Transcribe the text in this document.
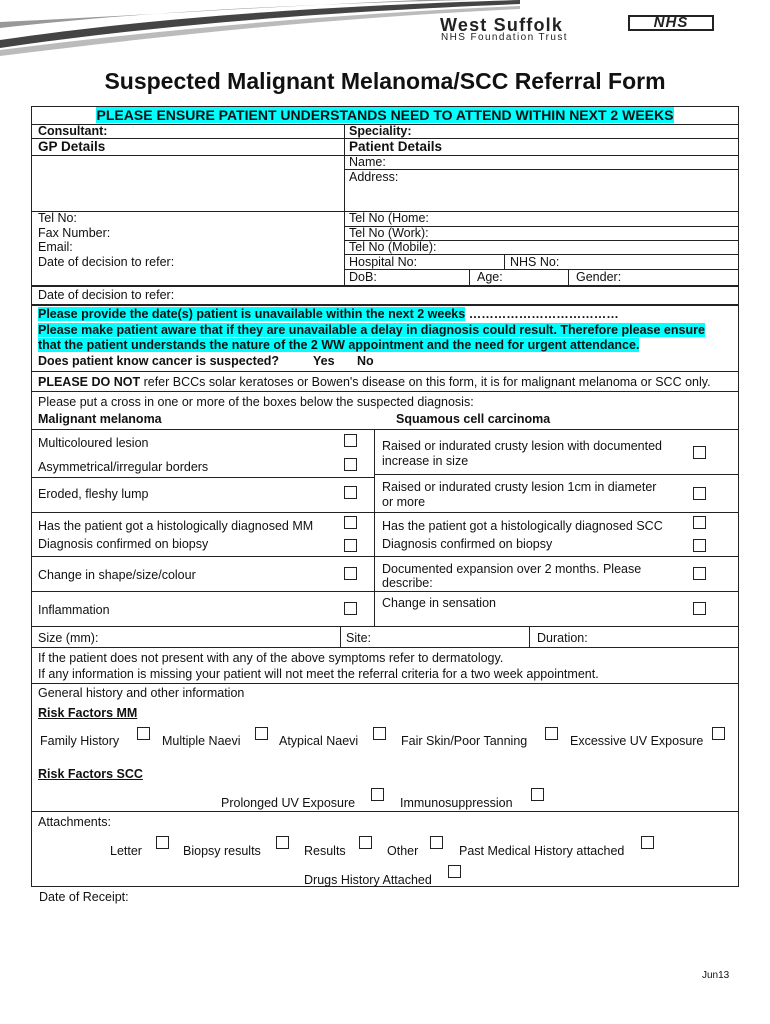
West Suffolk
NHS Foundation Trust
NHS
Suspected Malignant Melanoma/SCC Referral Form
PLEASE ENSURE PATIENT UNDERSTANDS NEED TO ATTEND WITHIN NEXT 2 WEEKS
Consultant:	Speciality:
GP Details	Patient Details
Name:
Address:
Tel No:
Fax Number:
Email:
Date of decision to refer:
Tel No (Home:
Tel No (Work):
Tel No (Mobile):
Hospital No:	NHS No:
DoB:	Age:	Gender:
Date of decision to refer:
Please provide the date(s) patient is unavailable within the next 2 weeks ………………………………
Please make patient aware that if they are unavailable a delay in diagnosis could result. Therefore please ensure
that the patient understands the nature of the 2 WW appointment and the need for urgent attendance.
Does patient know cancer is suspected?	Yes No
PLEASE DO NOT refer BCCs solar keratoses or Bowen's disease on this form, it is for malignant melanoma or SCC only.
Please put a cross in one or more of the boxes below the suspected diagnosis:
Malignant melanoma	Squamous cell carcinoma
Multicoloured lesion
Asymmetrical/irregular borders
Eroded, fleshy lump
Has the patient got a histologically diagnosed MM
Diagnosis confirmed on biopsy
Change in shape/size/colour
Inflammation
Raised or indurated crusty lesion with documented
increase in size
Raised or indurated crusty lesion 1cm in diameter
or more
Has the patient got a histologically diagnosed SCC
Diagnosis confirmed on biopsy
Documented expansion over 2 months. Please
describe:
Change in sensation
Size (mm):	Site:	Duration:
If the patient does not present with any of the above symptoms refer to dermatology.
If any information is missing your patient will not meet the referral criteria for a two week appointment.
General history and other information
Risk Factors MM
Family History	Multiple Naevi	Atypical Naevi	Fair Skin/Poor Tanning	Excessive UV Exposure
Risk Factors SCC
Prolonged UV Exposure	Immunosuppression
Attachments:
Letter	Biopsy results	Results	Other	Past Medical History attached
Drugs History Attached
Date of Receipt:
Jun13
